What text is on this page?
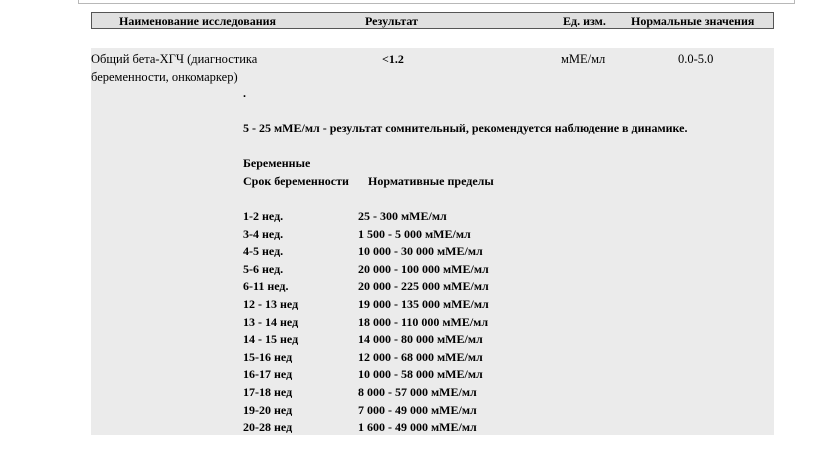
Наименование исследования	Результат	Ед. изм. Нормальные значения
Общий бета-ХГЧ (диагностика
беременности, онкомаркер)
<1.2	мМЕ/мл	0.0-5.0
.
5 - 25 мМЕ/мл - результат сомнительный, рекомендуется наблюдение в динамике.
Беременные
Срок беременности Нормативные пределы
1-2 нед.	25 - 300 мМЕ/мл
3-4 нед.	1 500 - 5 000 мМЕ/мл
4-5 нед.	10 000 - 30 000 мМЕ/мл
5-6 нед.	20 000 - 100 000 мМЕ/мл
6-11 нед.	20 000 - 225 000 мМЕ/мл
12 - 13 нед	19 000 - 135 000 мМЕ/мл
13 - 14 нед	18 000 - 110 000 мМЕ/мл
14 - 15 нед	14 000 - 80 000 мМЕ/мл
15-16 нед	12 000 - 68 000 мМЕ/мл
16-17 нед	10 000 - 58 000 мМЕ/мл
17-18 нед	8 000 - 57 000 мМЕ/мл
19-20 нед	7 000 - 49 000 мМЕ/мл
20-28 нед	1 600 - 49 000 мМЕ/мл
